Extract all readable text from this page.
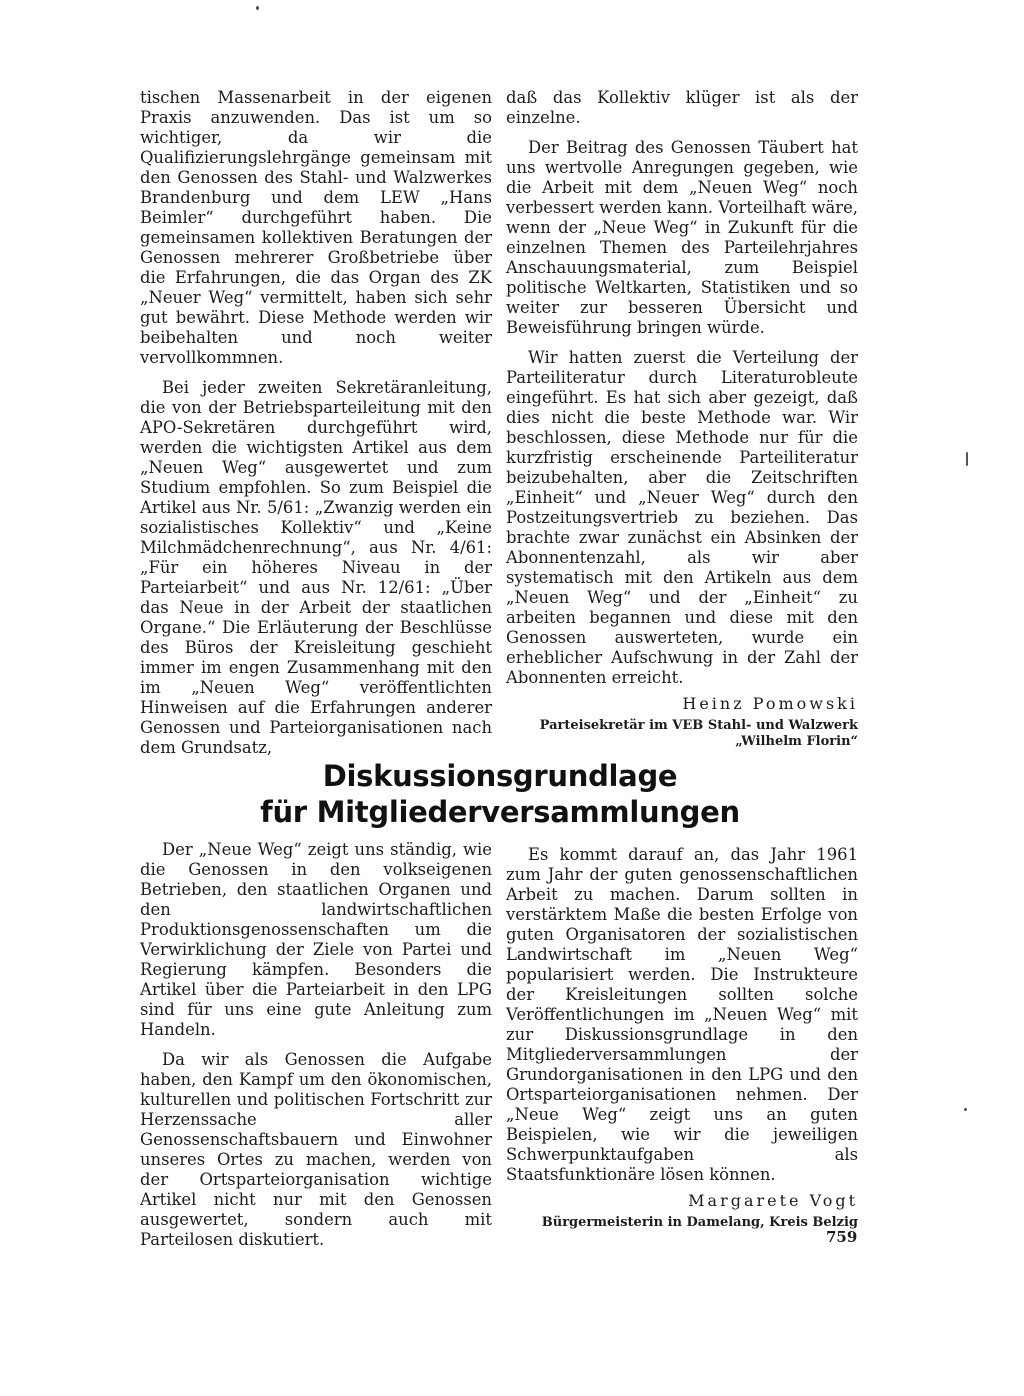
tischen Massenarbeit in der eigenen Praxis anzuwenden. Das ist um so wichtiger, da wir die Qualifizierungslehrgänge gemeinsam mit den Genossen des Stahl- und Walzwerkes Brandenburg und dem LEW „Hans Beimler“ durchgeführt haben. Die gemeinsamen kollektiven Beratungen der Genossen mehrerer Großbetriebe über die Erfahrungen, die das Organ des ZK „Neuer Weg“ vermittelt, haben sich sehr gut bewährt. Diese Methode werden wir beibehalten und noch weiter vervollkommnen.

Bei jeder zweiten Sekretäranleitung, die von der Betriebsparteileitung mit den APO-Sekretären durchgeführt wird, werden die wichtigsten Artikel aus dem „Neuen Weg“ ausgewertet und zum Studium empfohlen. So zum Beispiel die Artikel aus Nr. 5/61: „Zwanzig werden ein sozialistisches Kollektiv“ und „Keine Milchmädchenrechnung“, aus Nr. 4/61: „Für ein höheres Niveau in der Parteiarbeit“ und aus Nr. 12/61: „Über das Neue in der Arbeit der staatlichen Organe.“ Die Erläuterung der Beschlüsse des Büros der Kreisleitung geschieht immer im engen Zusammenhang mit den im „Neuen Weg“ veröffentlichten Hinweisen auf die Erfahrungen anderer Genossen und Parteiorganisationen nach dem Grundsatz,

daß das Kollektiv klüger ist als der einzelne.

Der Beitrag des Genossen Täubert hat uns wertvolle Anregungen gegeben, wie die Arbeit mit dem „Neuen Weg“ noch verbessert werden kann. Vorteilhaft wäre, wenn der „Neue Weg“ in Zukunft für die einzelnen Themen des Parteilehrjahres Anschauungsmaterial, zum Beispiel politische Weltkarten, Statistiken und so weiter zur besseren Übersicht und Beweisführung bringen würde.

Wir hatten zuerst die Verteilung der Parteiliteratur durch Literaturobleute eingeführt. Es hat sich aber gezeigt, daß dies nicht die beste Methode war. Wir beschlossen, diese Methode nur für die kurzfristig erscheinende Parteiliteratur beizubehalten, aber die Zeitschriften „Einheit“ und „Neuer Weg“ durch den Postzeitungsvertrieb zu beziehen. Das brachte zwar zunächst ein Absinken der Abonnentenzahl, als wir aber systematisch mit den Artikeln aus dem „Neuen Weg“ und der „Einheit“ zu arbeiten begannen und diese mit den Genossen auswerteten, wurde ein erheblicher Aufschwung in der Zahl der Abonnenten erreicht.

Heinz Pomowski

Parteisekretär im VEB Stahl- und Walzwerk
„Wilhelm Florin“

Diskussionsgrundlage
für Mitgliederversammlungen

Der „Neue Weg“ zeigt uns ständig, wie die Genossen in den volkseigenen Betrieben, den staatlichen Organen und den landwirtschaftlichen Produktionsgenossenschaften um die Verwirklichung der Ziele von Partei und Regierung kämpfen. Besonders die Artikel über die Parteiarbeit in den LPG sind für uns eine gute Anleitung zum Handeln.

Da wir als Genossen die Aufgabe haben, den Kampf um den ökonomischen, kulturellen und politischen Fortschritt zur Herzenssache aller Genossenschaftsbauern und Einwohner unseres Ortes zu machen, werden von der Ortsparteiorganisation wichtige Artikel nicht nur mit den Genossen ausgewertet, sondern auch mit Parteilosen diskutiert.

Es kommt darauf an, das Jahr 1961 zum Jahr der guten genossenschaftlichen Arbeit zu machen. Darum sollten in verstärktem Maße die besten Erfolge von guten Organisatoren der sozialistischen Landwirtschaft im „Neuen Weg“ popularisiert werden. Die Instrukteure der Kreisleitungen sollten solche Veröffentlichungen im „Neuen Weg“ mit zur Diskussionsgrundlage in den Mitgliederversammlungen der Grundorganisationen in den LPG und den Ortsparteiorganisationen nehmen. Der „Neue Weg“ zeigt uns an guten Beispielen, wie wir die jeweiligen Schwerpunktaufgaben als Staatsfunktionäre lösen können.

Margarete Vogt

Bürgermeisterin in Damelang, Kreis Belzig

759
